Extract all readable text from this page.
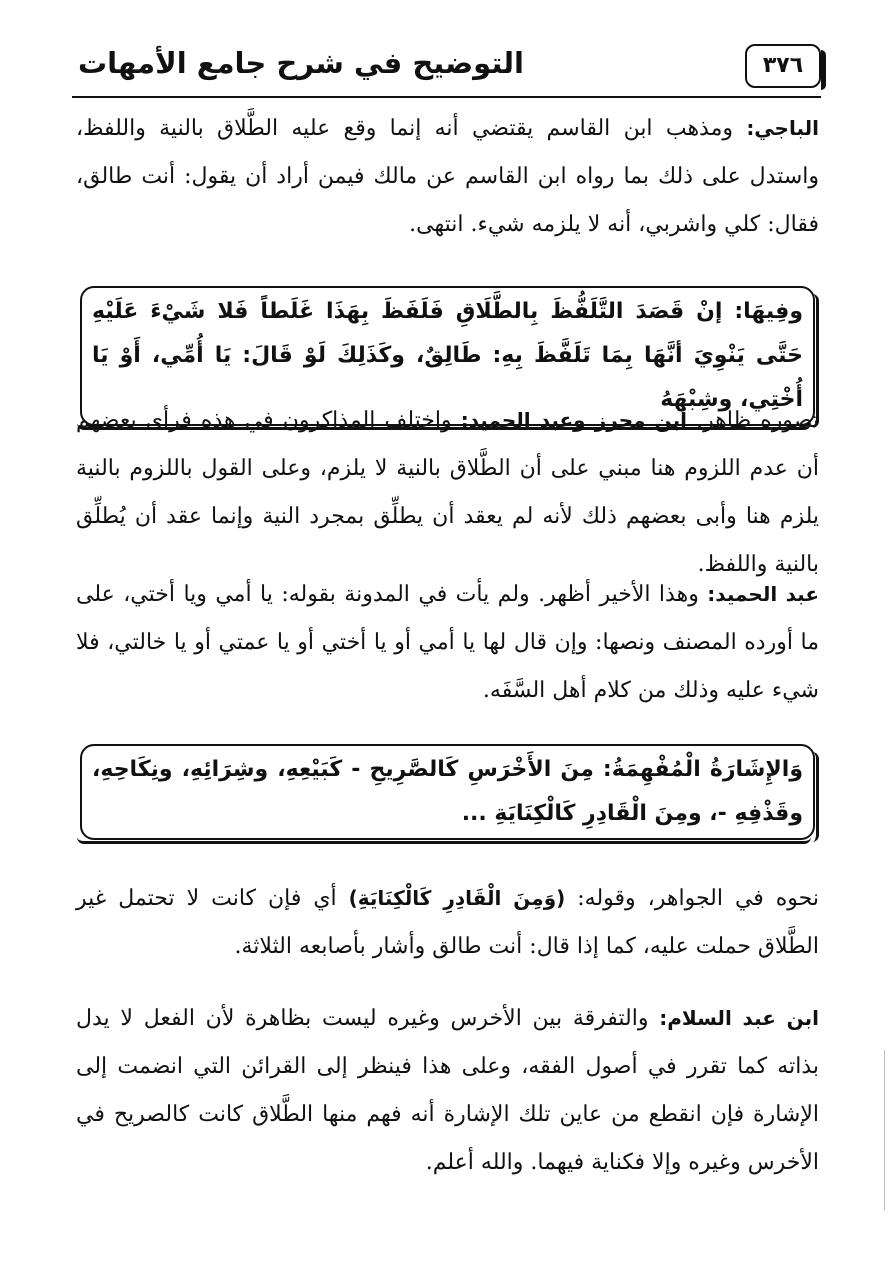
التوضيح في شرح جامع الأمهات	٣٧٦
الباجي: ومذهب ابن القاسم يقتضي أنه إنما وقع عليه الطَّلاق بالنية واللفظ، واستدل على ذلك بما رواه ابن القاسم عن مالك فيمن أراد أن يقول: أنت طالق، فقال: كلي واشربي، أنه لا يلزمه شيء. انتهى.
وفِيهَا: إنْ قَصَدَ التَّلَفُّظَ بِالطَّلَاقِ فَلَفَظَ بِهَذَا غَلَطاً فَلا شَيْءَ عَلَيْهِ حَتَّى يَنْوِيَ أنَّهَا بِمَا تَلَفَّظَ بِهِ: طَالِقٌ، وكَذَلِكَ لَوْ قَالَ: يَا أُمِّي، أَوْ يَا أُخْتِي، وشِبْهَهُ
تصوره ظاهر. ابن محرز وعبد الحميد: واختلف المذاكرون في هذه فرأى بعضهم أن عدم اللزوم هنا مبني على أن الطَّلاق بالنية لا يلزم، وعلى القول باللزوم بالنية يلزم هنا وأبى بعضهم ذلك لأنه لم يعقد أن يطلِّق بمجرد النية وإنما عقد أن يُطلِّق بالنية واللفظ.
عبد الحميد: وهذا الأخير أظهر. ولم يأت في المدونة بقوله: يا أمي ويا أختي، على ما أورده المصنف ونصها: وإن قال لها يا أمي أو يا أختي أو يا عمتي أو يا خالتي، فلا شيء عليه وذلك من كلام أهل السَّفَه.
وَالإِشَارَةُ الْمُفْهِمَةُ: مِنَ الأَخْرَسِ كَالصَّرِيحِ - كَبَيْعِهِ، وشِرَائِهِ، ونِكَاحِهِ، وقَذْفِهِ -، ومِنَ الْقَادِرِ كَالْكِنَايَةِ ...
نحوه في الجواهر، وقوله: (وَمِنَ الْقَادِرِ كَالْكِنَايَةِ) أي فإن كانت لا تحتمل غير الطَّلاق حملت عليه، كما إذا قال: أنت طالق وأشار بأصابعه الثلاثة.
ابن عبد السلام: والتفرقة بين الأخرس وغيره ليست بظاهرة لأن الفعل لا يدل بذاته كما تقرر في أصول الفقه، وعلى هذا فينظر إلى القرائن التي انضمت إلى الإشارة فإن انقطع من عاين تلك الإشارة أنه فهم منها الطَّلاق كانت كالصريح في الأخرس وغيره وإلا فكناية فيهما. والله أعلم.
